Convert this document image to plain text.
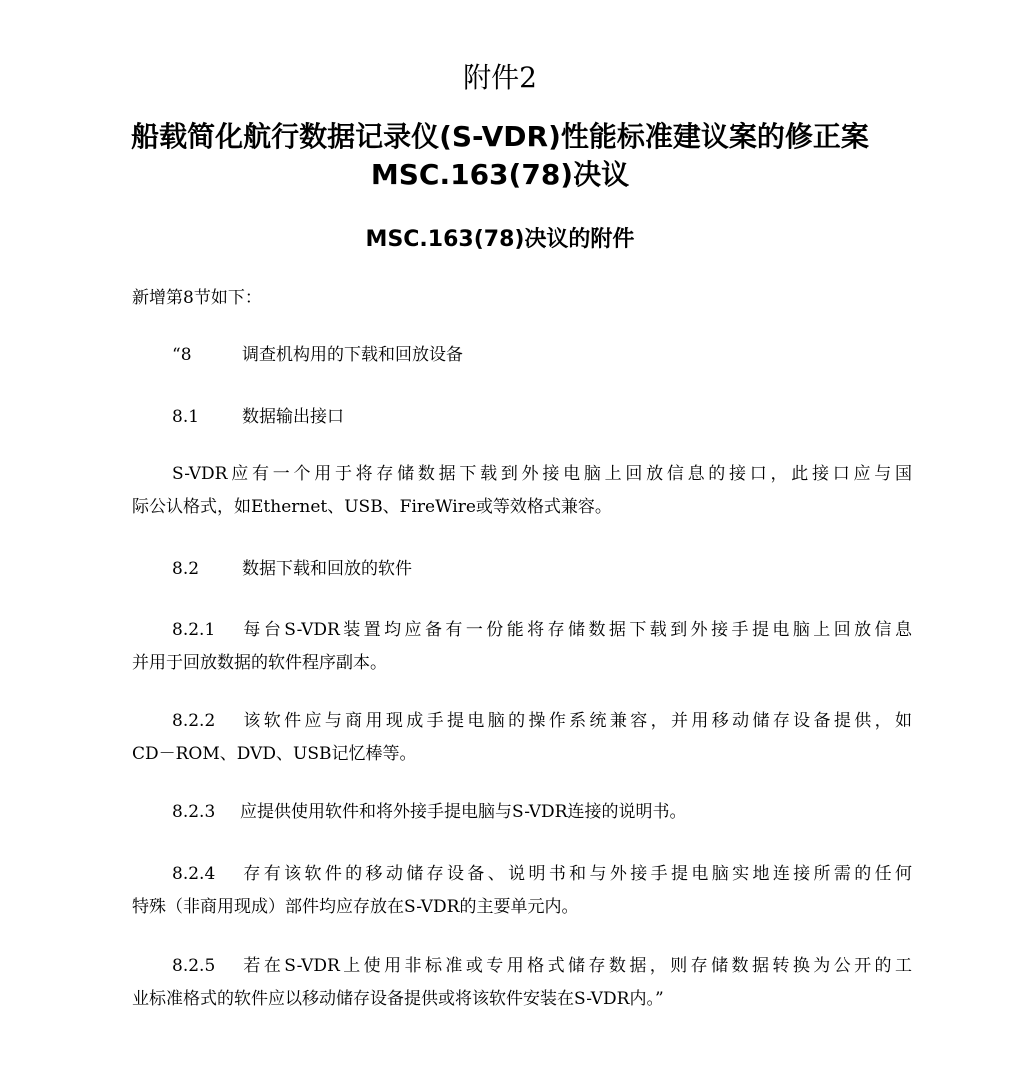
附件2
船载简化航行数据记录仪(S-VDR)性能标准建议案的修正案
MSC.163(78)决议
MSC.163(78)决议的附件
新增第8节如下：
“8	调查机构用的下载和回放设备
8.1	数据输出接口
S-VDR应有一个用于将存储数据下载到外接电脑上回放信息的接口，此接口应与国
际公认格式，如Ethernet、USB、FireWire或等效格式兼容。
8.2	数据下载和回放的软件
8.2.1 每台S-VDR装置均应备有一份能将存储数据下载到外接手提电脑上回放信息
并用于回放数据的软件程序副本。
8.2.2 该软件应与商用现成手提电脑的操作系统兼容，并用移动储存设备提供，如
CD－ROM、DVD、USB记忆棒等。
8.2.3 应提供使用软件和将外接手提电脑与S-VDR连接的说明书。
8.2.4 存有该软件的移动储存设备、说明书和与外接手提电脑实地连接所需的任何
特殊（非商用现成）部件均应存放在S-VDR的主要单元内。
8.2.5 若在S-VDR上使用非标准或专用格式储存数据，则存储数据转换为公开的工
业标准格式的软件应以移动储存设备提供或将该软件安装在S-VDR内。”
